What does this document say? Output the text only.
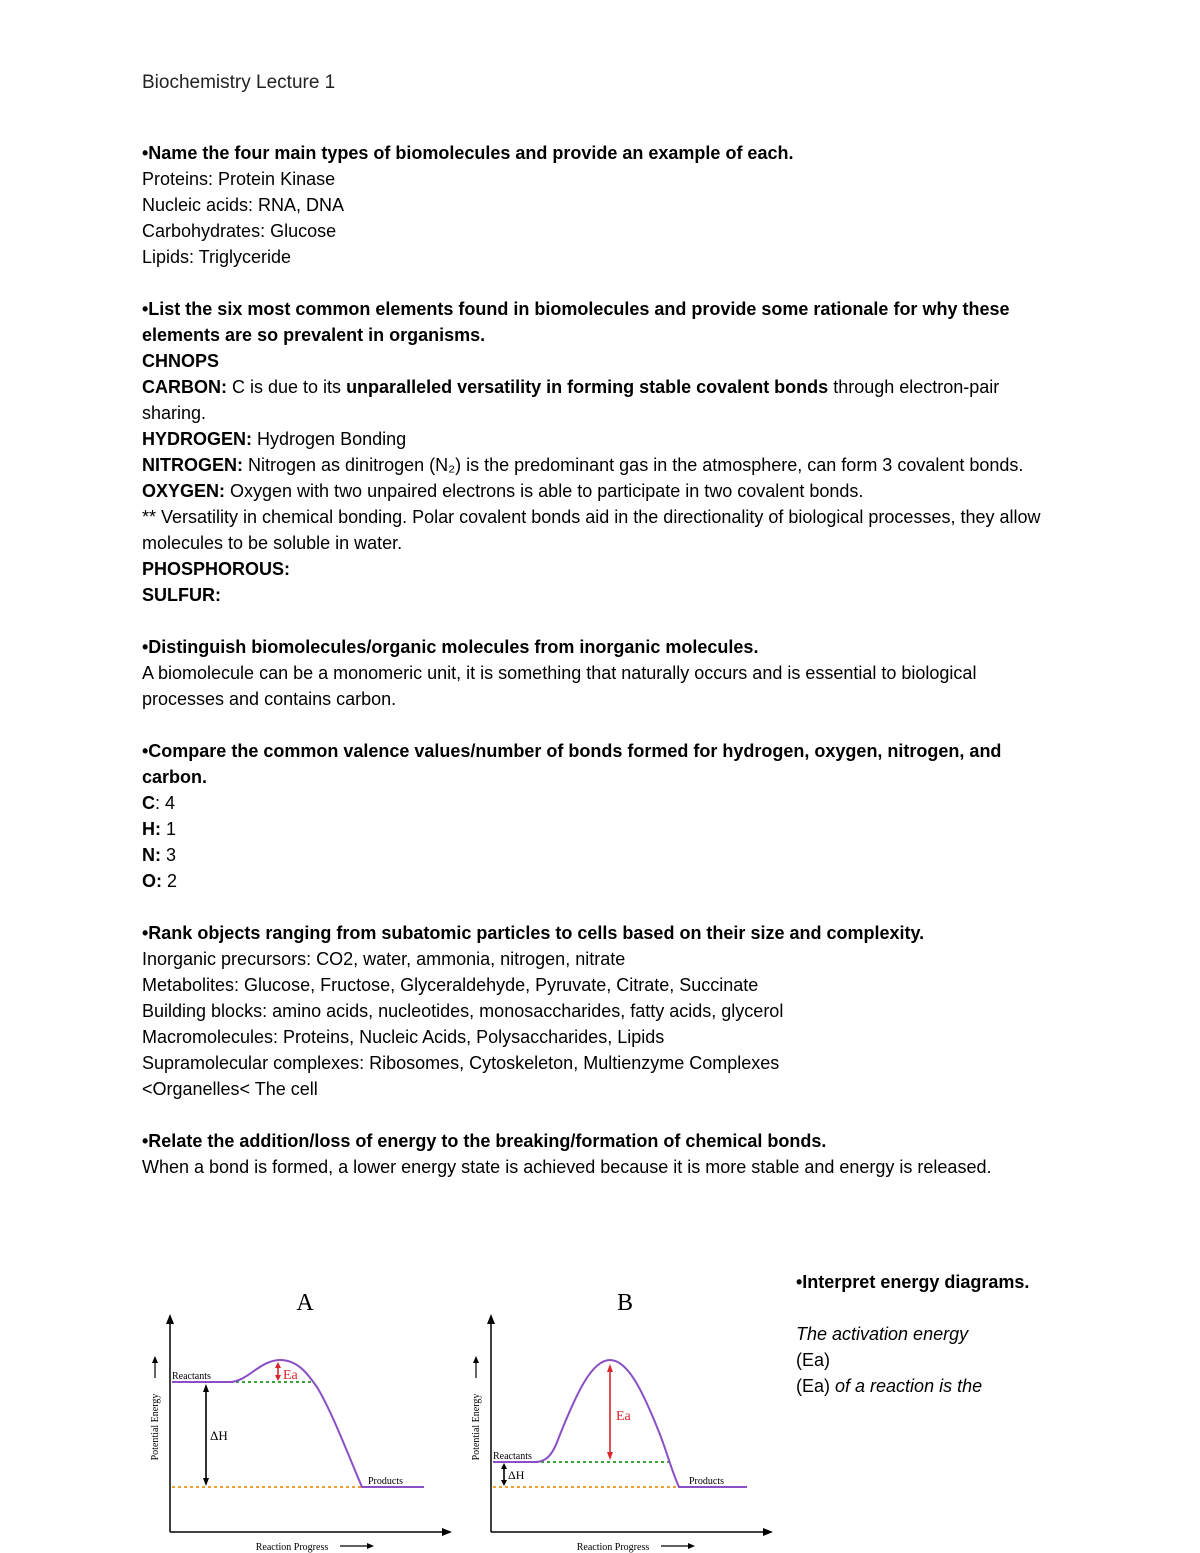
Biochemistry Lecture 1

•Name the four main types of biomolecules and provide an example of each.

Proteins: Protein Kinase

Nucleic acids: RNA, DNA

Carbohydrates: Glucose

Lipids: Triglyceride

•List the six most common elements found in biomolecules and provide some rationale for why these elements are so prevalent in organisms.

CHNOPS

CARBON: C is due to its unparalleled versatility in forming stable covalent bonds through electron-pair sharing.

HYDROGEN: Hydrogen Bonding

NITROGEN: Nitrogen as dinitrogen (N₂) is the predominant gas in the atmosphere, can form 3 covalent bonds.

OXYGEN: Oxygen with two unpaired electrons is able to participate in two covalent bonds.

** Versatility in chemical bonding. Polar covalent bonds aid in the directionality of biological processes, they allow molecules to be soluble in water.

PHOSPHOROUS:

SULFUR:

•Distinguish biomolecules/organic molecules from inorganic molecules.

A biomolecule can be a monomeric unit, it is something that naturally occurs and is essential to biological processes and contains carbon.

•Compare the common valence values/number of bonds formed for hydrogen, oxygen, nitrogen, and carbon.

C: 4

H: 1

N: 3

O: 2

•Rank objects ranging from subatomic particles to cells based on their size and complexity.

Inorganic precursors: CO2, water, ammonia, nitrogen, nitrate

Metabolites: Glucose, Fructose, Glyceraldehyde, Pyruvate, Citrate, Succinate

Building blocks: amino acids, nucleotides, monosaccharides, fatty acids, glycerol

Macromolecules: Proteins, Nucleic Acids, Polysaccharides, Lipids

Supramolecular complexes: Ribosomes, Cytoskeleton, Multienzyme Complexes

<Organelles< The cell

•Relate the addition/loss of energy to the breaking/formation of chemical bonds.

When a bond is formed, a lower energy state is achieved because it is more stable and energy is released.

A
Potential Energy
Reaction Progress
Ea
ΔH
Reactants
Products
B
Potential Energy
Reaction Progress
Ea
ΔH
Reactants
Products

•Interpret energy diagrams.

The activation energy

(Ea)

(Ea) of a reaction is the
